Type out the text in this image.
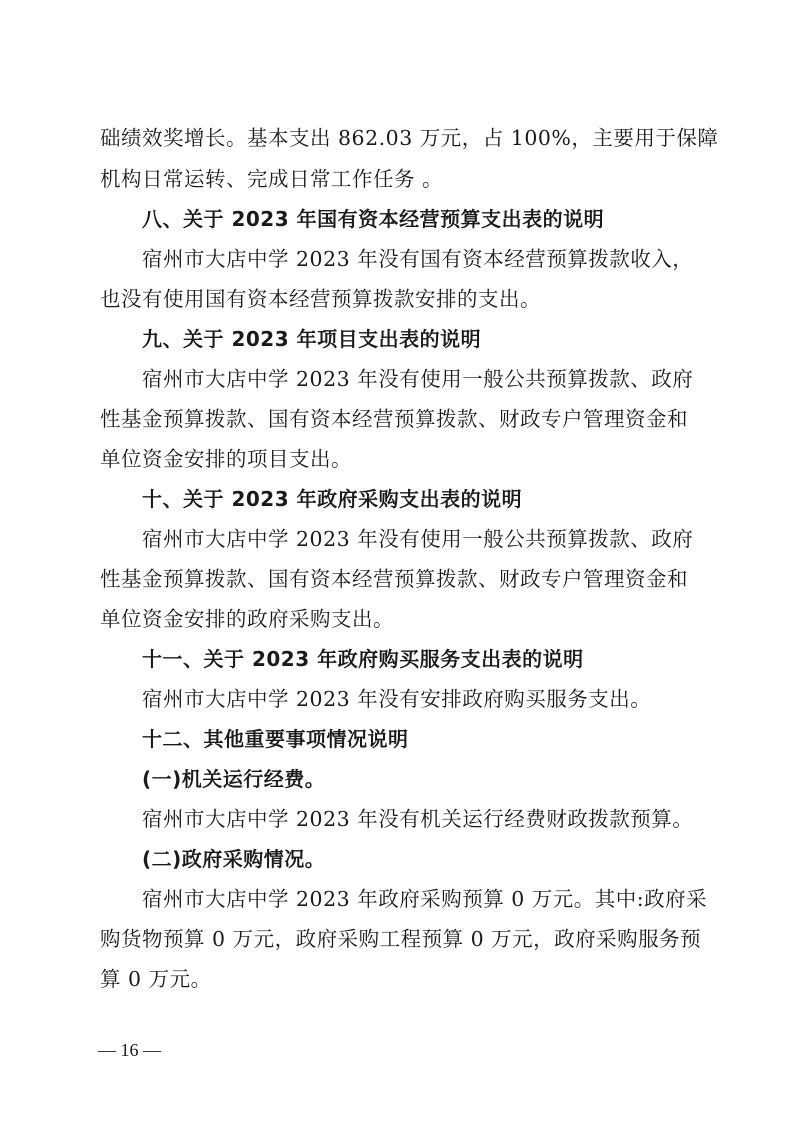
础绩效奖增长。基本支出 862.03 万元，占 100%，主要用于保障
机构日常运转、完成日常工作任务 。
八、关于 2023 年国有资本经营预算支出表的说明
宿州市大店中学 2023 年没有国有资本经营预算拨款收入，
也没有使用国有资本经营预算拨款安排的支出。
九、关于 2023 年项目支出表的说明
宿州市大店中学 2023 年没有使用一般公共预算拨款、政府
性基金预算拨款、国有资本经营预算拨款、财政专户管理资金和
单位资金安排的项目支出。
十、关于 2023 年政府采购支出表的说明
宿州市大店中学 2023 年没有使用一般公共预算拨款、政府
性基金预算拨款、国有资本经营预算拨款、财政专户管理资金和
单位资金安排的政府采购支出。
十一、关于 2023 年政府购买服务支出表的说明
宿州市大店中学 2023 年没有安排政府购买服务支出。
十二、其他重要事项情况说明
(一)机关运行经费。
宿州市大店中学 2023 年没有机关运行经费财政拨款预算。
(二)政府采购情况。
宿州市大店中学 2023 年政府采购预算 0 万元。其中:政府采
购货物预算 0 万元，政府采购工程预算 0 万元，政府采购服务预
算 0 万元。
— 16 —
